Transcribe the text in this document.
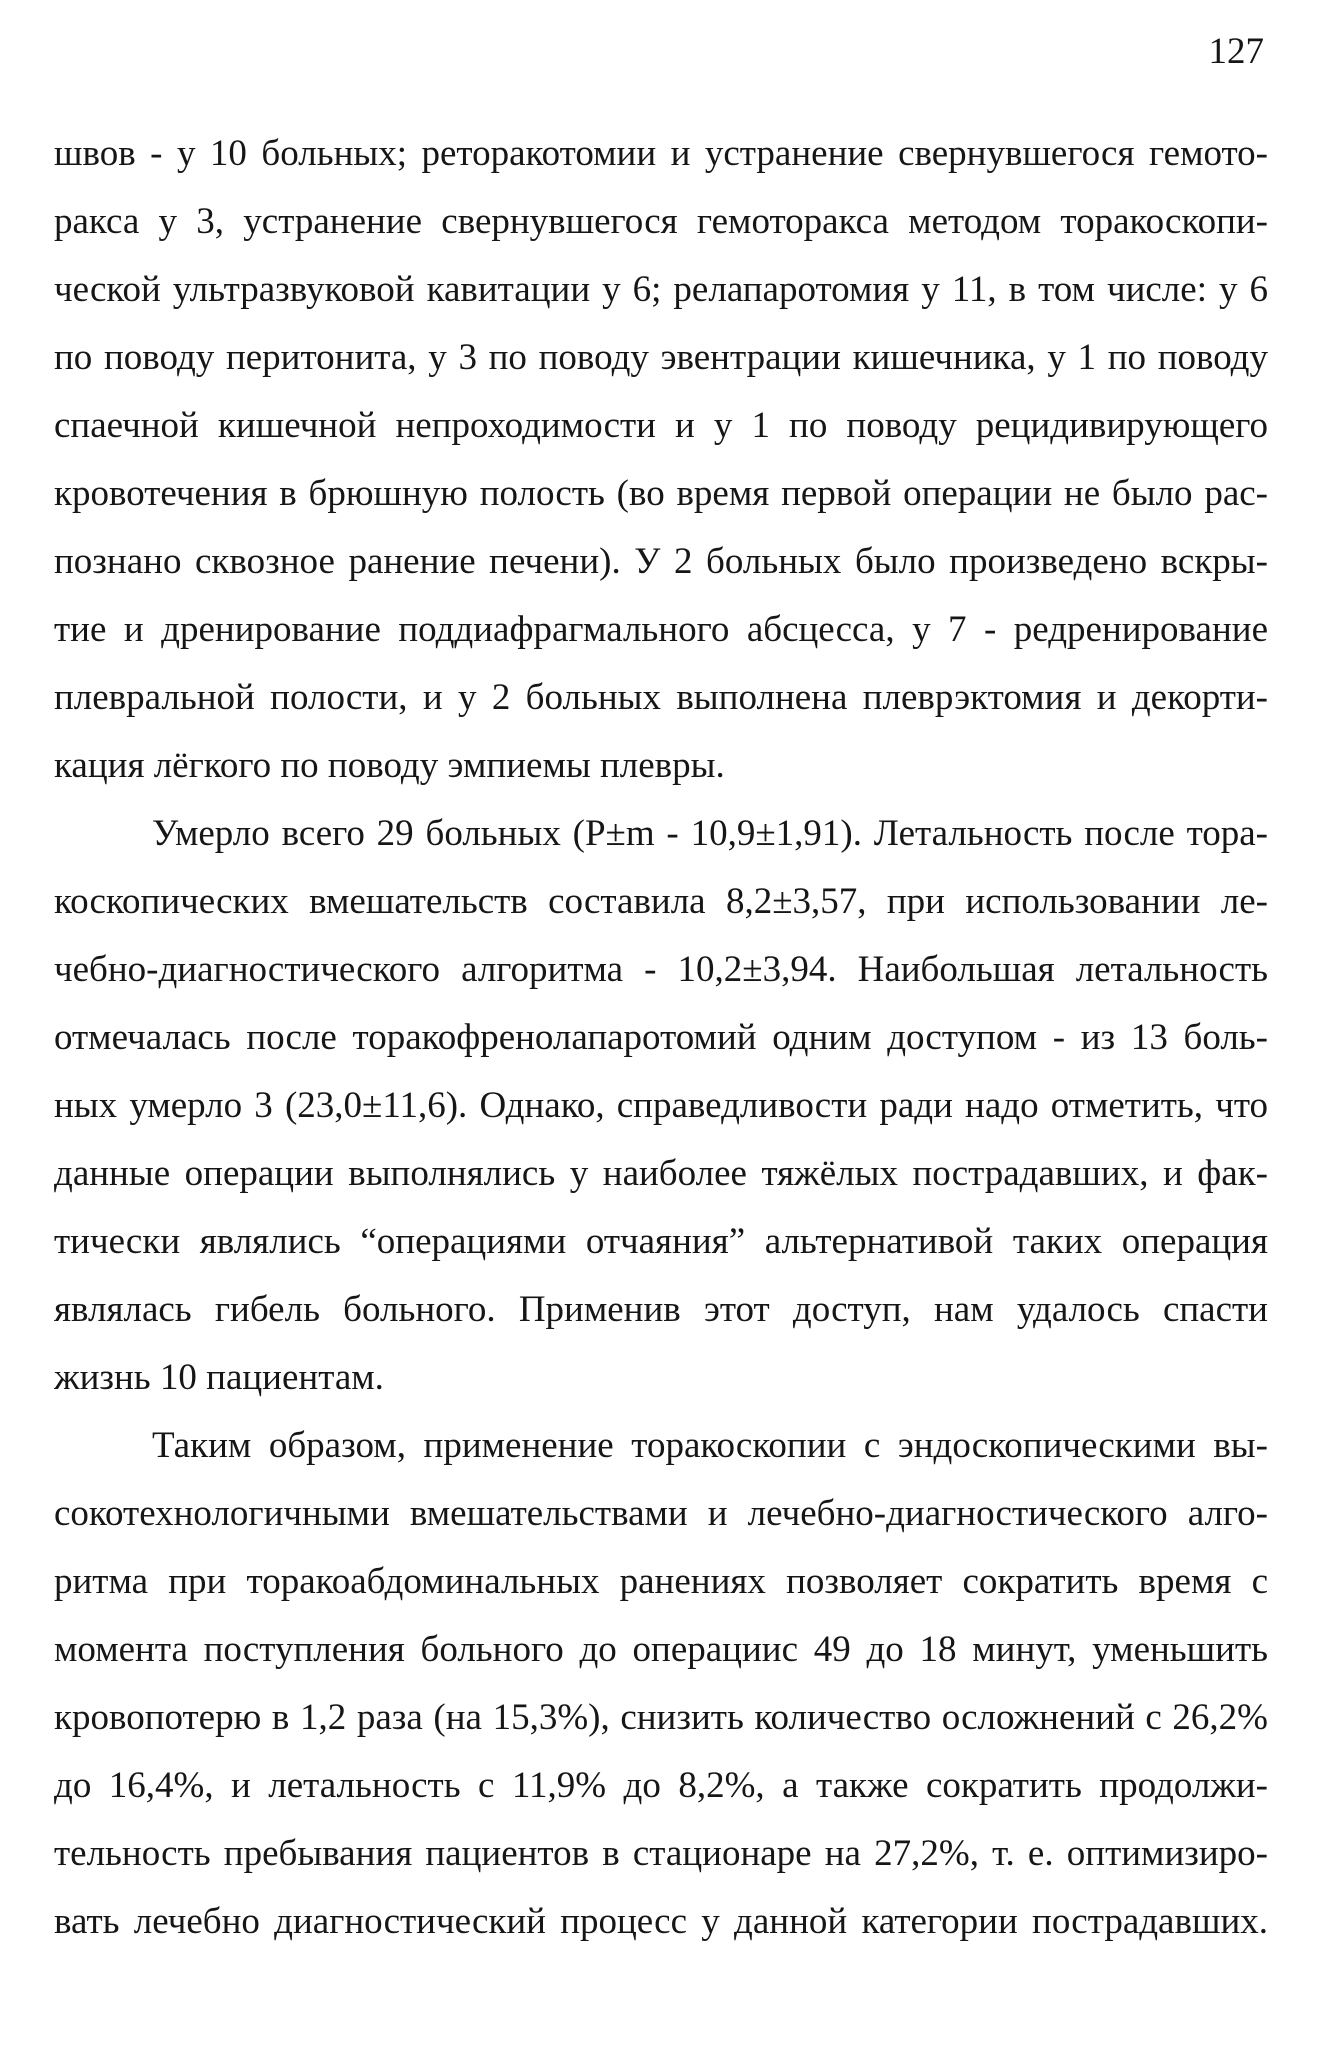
127
швов - у 10 больных; реторакотомии и устранение свернувшегося гемото-
ракса у 3, устранение свернувшегося гемоторакса методом торакоскопи-
ческой ультразвуковой кавитации у 6; релапаротомия у 11, в том числе: у 6
по поводу перитонита, у 3 по поводу эвентрации кишечника, у 1 по поводу
спаечной кишечной непроходимости и у 1 по поводу рецидивирующего
кровотечения в брюшную полость (во время первой операции не было рас-
познано сквозное ранение печени). У 2 больных было произведено вскры-
тие и дренирование поддиафрагмального абсцесса, у 7 - редренирование
плевральной полости, и у 2 больных выполнена плеврэктомия и декорти-
кация лёгкого по поводу эмпиемы плевры.
Умерло всего 29 больных (P±m - 10,9±1,91). Летальность после тора-
коскопических вмешательств составила 8,2±3,57, при использовании ле-
чебно-диагностического алгоритма - 10,2±3,94. Наибольшая летальность
отмечалась после торакофренолапаротомий одним доступом - из 13 боль-
ных умерло 3 (23,0±11,6). Однако, справедливости ради надо отметить, что
данные операции выполнялись у наиболее тяжёлых пострадавших, и фак-
тически являлись “операциями отчаяния” альтернативой таких операция
являлась гибель больного. Применив этот доступ, нам удалось спасти
жизнь 10 пациентам.
Таким образом, применение торакоскопии с эндоскопическими вы-
сокотехнологичными вмешательствами и лечебно-диагностического алго-
ритма при торакоабдоминальных ранениях позволяет сократить время с
момента поступления больного до операциис 49 до 18 минут, уменьшить
кровопотерю в 1,2 раза (на 15,3%), снизить количество осложнений с 26,2%
до 16,4%, и летальность с 11,9% до 8,2%, а также сократить продолжи-
тельность пребывания пациентов в стационаре на 27,2%, т. е. оптимизиро-
вать лечебно диагностический процесс у данной категории пострадавших.
